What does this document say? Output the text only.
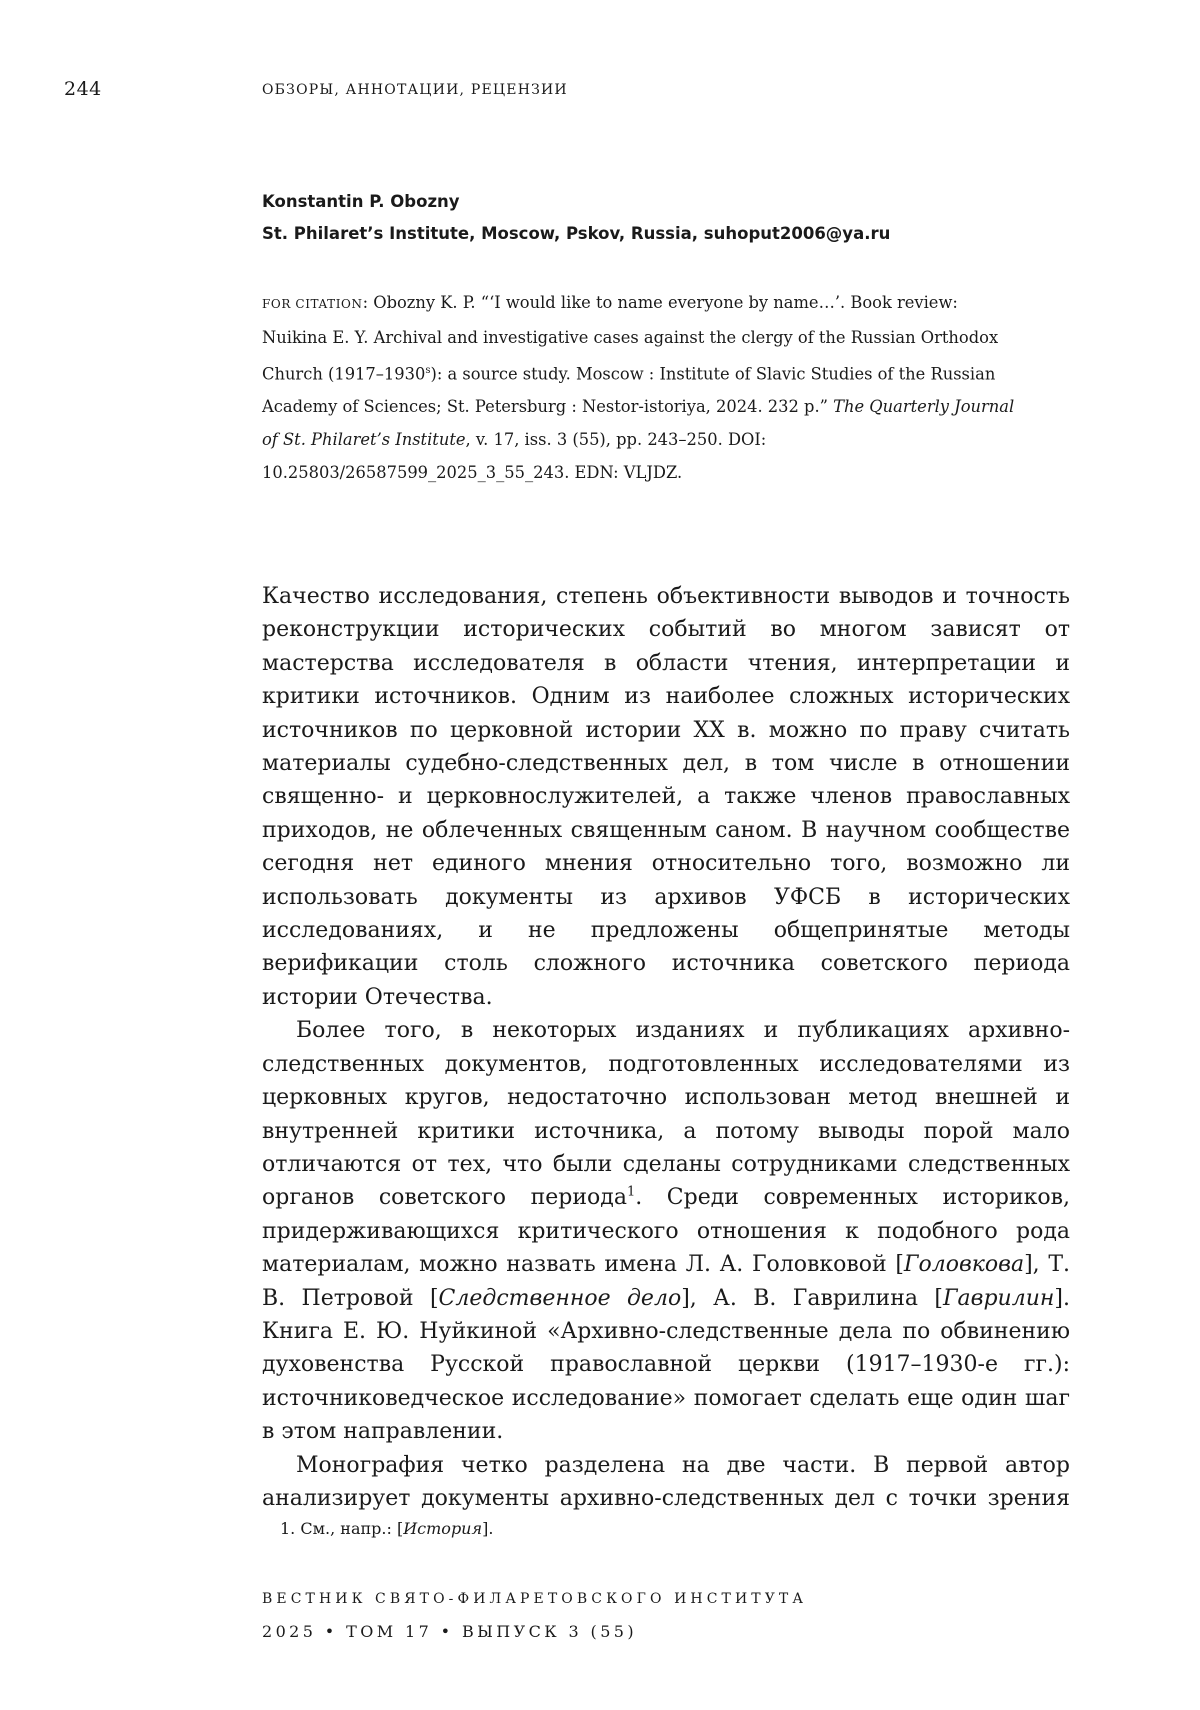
244	ОБЗОРЫ, АННОТАЦИИ, РЕЦЕНЗИИ
Konstantin P. Obozny
St. Philaret’s Institute, Moscow, Pskov, Russia, suhoput2006@ya.ru
FOR CITATION: Obozny K. P. “‘I would like to name everyone by name…’. Book review: Nuikina E. Y. Archival and investigative cases against the clergy of the Russian Orthodox Church (1917–1930$^s$): a source study. Moscow : Institute of Slavic Studies of the Russian Academy of Sciences; St. Petersburg : Nestor-istoriya, 2024. 232 p.” The Quarterly Journal of St. Philaret’s Institute, v. 17, iss. 3 (55), pp. 243–250. DOI: 10.25803/26587599_2025_3_55_243. EDN: VLJDZ.

Качество исследования, степень объективности выводов и точность реконструкции исторических событий во многом зависят от мастерства исследователя в области чтения, интерпретации и критики источников. Одним из наиболее сложных исторических источников по церковной истории XX в. можно по праву считать материалы судебно-следственных дел, в том числе в отношении священно- и церковнослужителей, а также членов православных приходов, не облеченных священным саном. В научном сообществе сегодня нет единого мнения относительно того, возможно ли использовать документы из архивов УФСБ в исторических исследованиях, и не предложены общепринятые методы верификации столь сложного источника советского периода истории Отечества.

Более того, в некоторых изданиях и публикациях архивно-следственных документов, подготовленных исследователями из церковных кругов, недостаточно использован метод внешней и внутренней критики источника, а потому выводы порой мало отличаются от тех, что были сделаны сотрудниками следственных органов советского периода$^1$. Среди современных историков, придерживающихся критического отношения к подобного рода материалам, можно назвать имена Л. А. Головковой [Головкова], Т. В. Петровой [Следственное дело], А. В. Гаврилина [Гаврилин]. Книга Е. Ю. Нуйкиной «Архивно-следственные дела по обвинению духовенства Русской православной церкви (1917–1930-е гг.): источниковедческое исследование» помогает сделать еще один шаг в этом направлении.

Монография четко разделена на две части. В первой автор анализирует документы архивно-следственных дел с точки зрения

1. См., напр.: [История].
ВЕСТНИК СВЯТО-ФИЛАРЕТОВСКОГО ИНСТИТУТА
2025 • ТОМ 17 • ВЫПУСК 3 (55)
